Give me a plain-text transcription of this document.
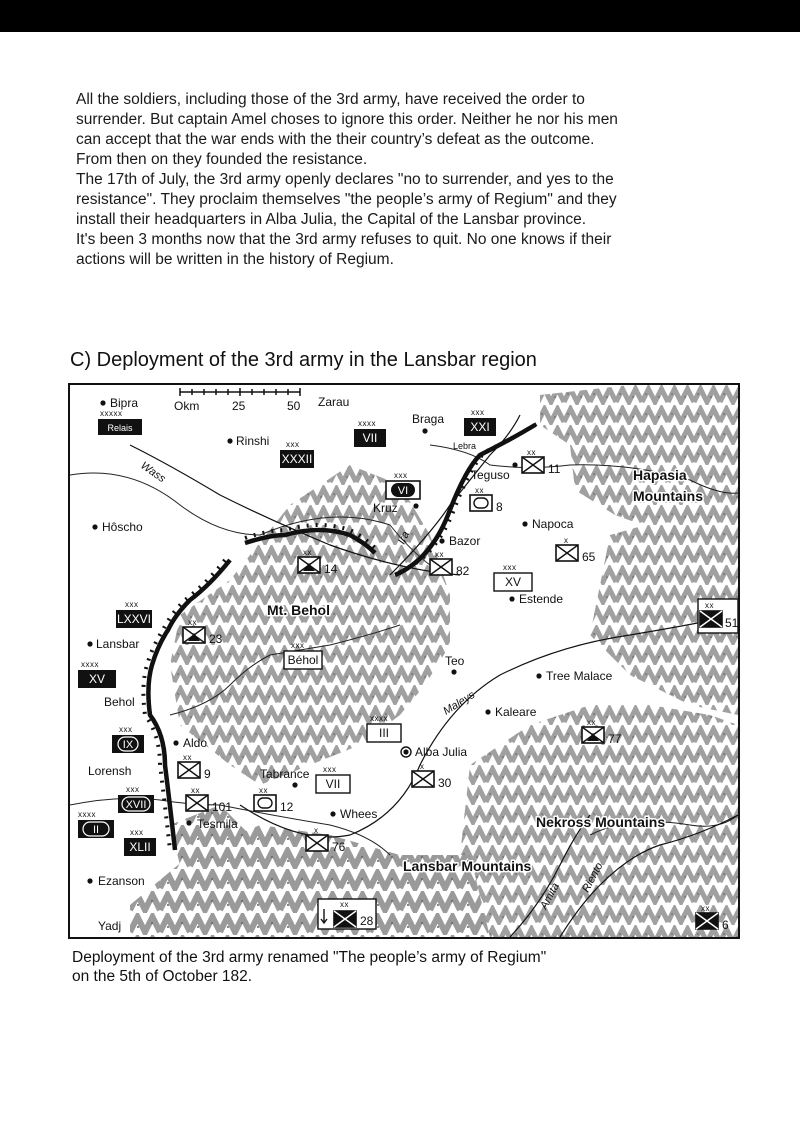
All the soldiers, including those of the 3rd army, have received the order to

surrender. But captain Amel choses to ignore this order. Neither he nor his men

can accept that the war ends with the their country’s defeat as the outcome.

From then on they founded the resistance.

The 17th of July, the 3rd army openly declares "no to surrender, and yes to the

resistance". They proclaim themselves "the people’s army of Regium" and they

install their headquarters in Alba Julia, the Capital of the Lansbar province.

It's been 3 months now that the 3rd army refuses to quit. No one knows if their

actions will be written in the history of Regium.

C) Deployment of the 3rd army in the Lansbar region
Okm	25	50
xxxxx
Relais	xxxx
VII
xxx
XXI
xxx
XXXII
xxx
LXXVI
xxxx
XV
xxx
IX
xxx
XVII
xxxx
II	xxx
XLII
xxx
VI
xxx
XV
xxx
Béhol
xxxx
III
xxx
VII
xx
11
xx
8
xx
14
xx
82
x
65
xx
51
xx
23
xx
77
xx
9
x
30
xx
101
xx
12
x
76
xx
28
xx
6
Bipra	Zarau
Braga
Rinshi	Lebra
Teguso
Kruz
Hôscho
Bazor
Napoca
Estende
Lansbar
Teo
Tree Malace
Behol
Kaleare
Aldo
Alba Julia
Lorensh	Tabrance
Whees
Tesmila
Ezanson
Yadj
Wass
Ira
Maleys
Amita
Riento
Hapasia
Mountains
Mt. Behol
Nekross Mountains
Lansbar Mountains

Deployment of the 3rd army renamed "The people’s army of Regium"

on the 5th of October 182.
